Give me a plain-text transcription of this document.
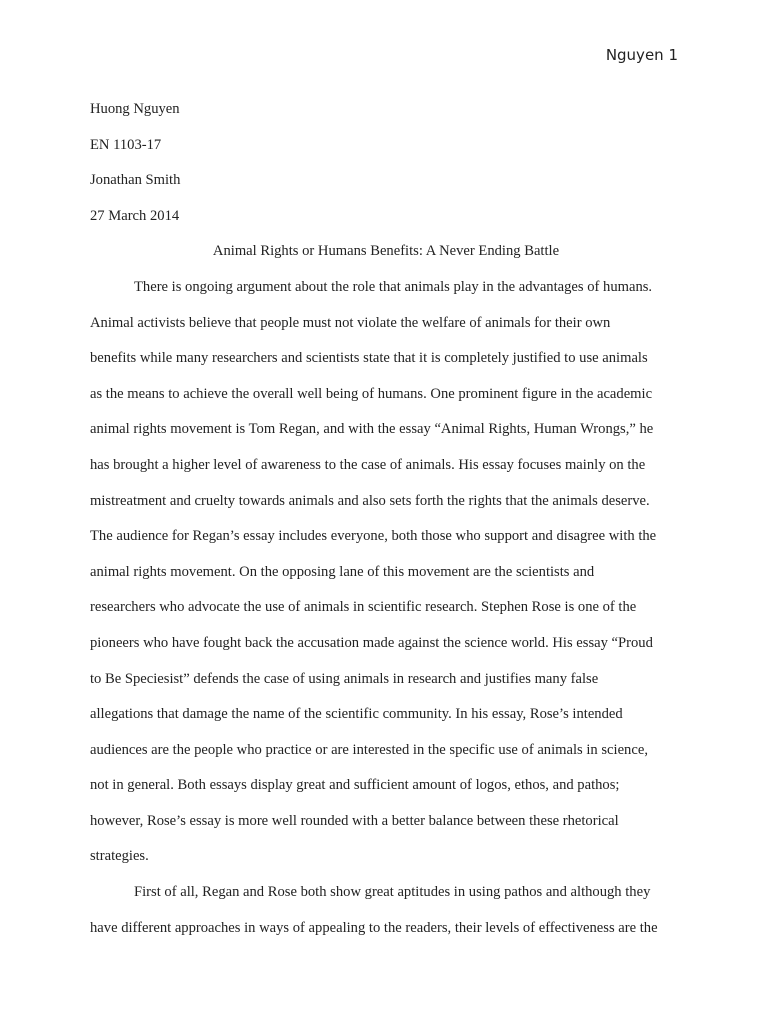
Nguyen 1
Huong Nguyen
EN 1103-17
Jonathan Smith
27 March 2014
Animal Rights or Humans Benefits: A Never Ending Battle
There is ongoing argument about the role that animals play in the advantages of humans.
Animal activists believe that people must not violate the welfare of animals for their own
benefits while many researchers and scientists state that it is completely justified to use animals
as the means to achieve the overall well being of humans. One prominent figure in the academic
animal rights movement is Tom Regan, and with the essay “Animal Rights, Human Wrongs,” he
has brought a higher level of awareness to the case of animals. His essay focuses mainly on the
mistreatment and cruelty towards animals and also sets forth the rights that the animals deserve.
The audience for Regan’s essay includes everyone, both those who support and disagree with the
animal rights movement. On the opposing lane of this movement are the scientists and
researchers who advocate the use of animals in scientific research. Stephen Rose is one of the
pioneers who have fought back the accusation made against the science world. His essay “Proud
to Be Speciesist” defends the case of using animals in research and justifies many false
allegations that damage the name of the scientific community. In his essay, Rose’s intended
audiences are the people who practice or are interested in the specific use of animals in science,
not in general. Both essays display great and sufficient amount of logos, ethos, and pathos;
however, Rose’s essay is more well rounded with a better balance between these rhetorical
strategies.
First of all, Regan and Rose both show great aptitudes in using pathos and although they
have different approaches in ways of appealing to the readers, their levels of effectiveness are the
